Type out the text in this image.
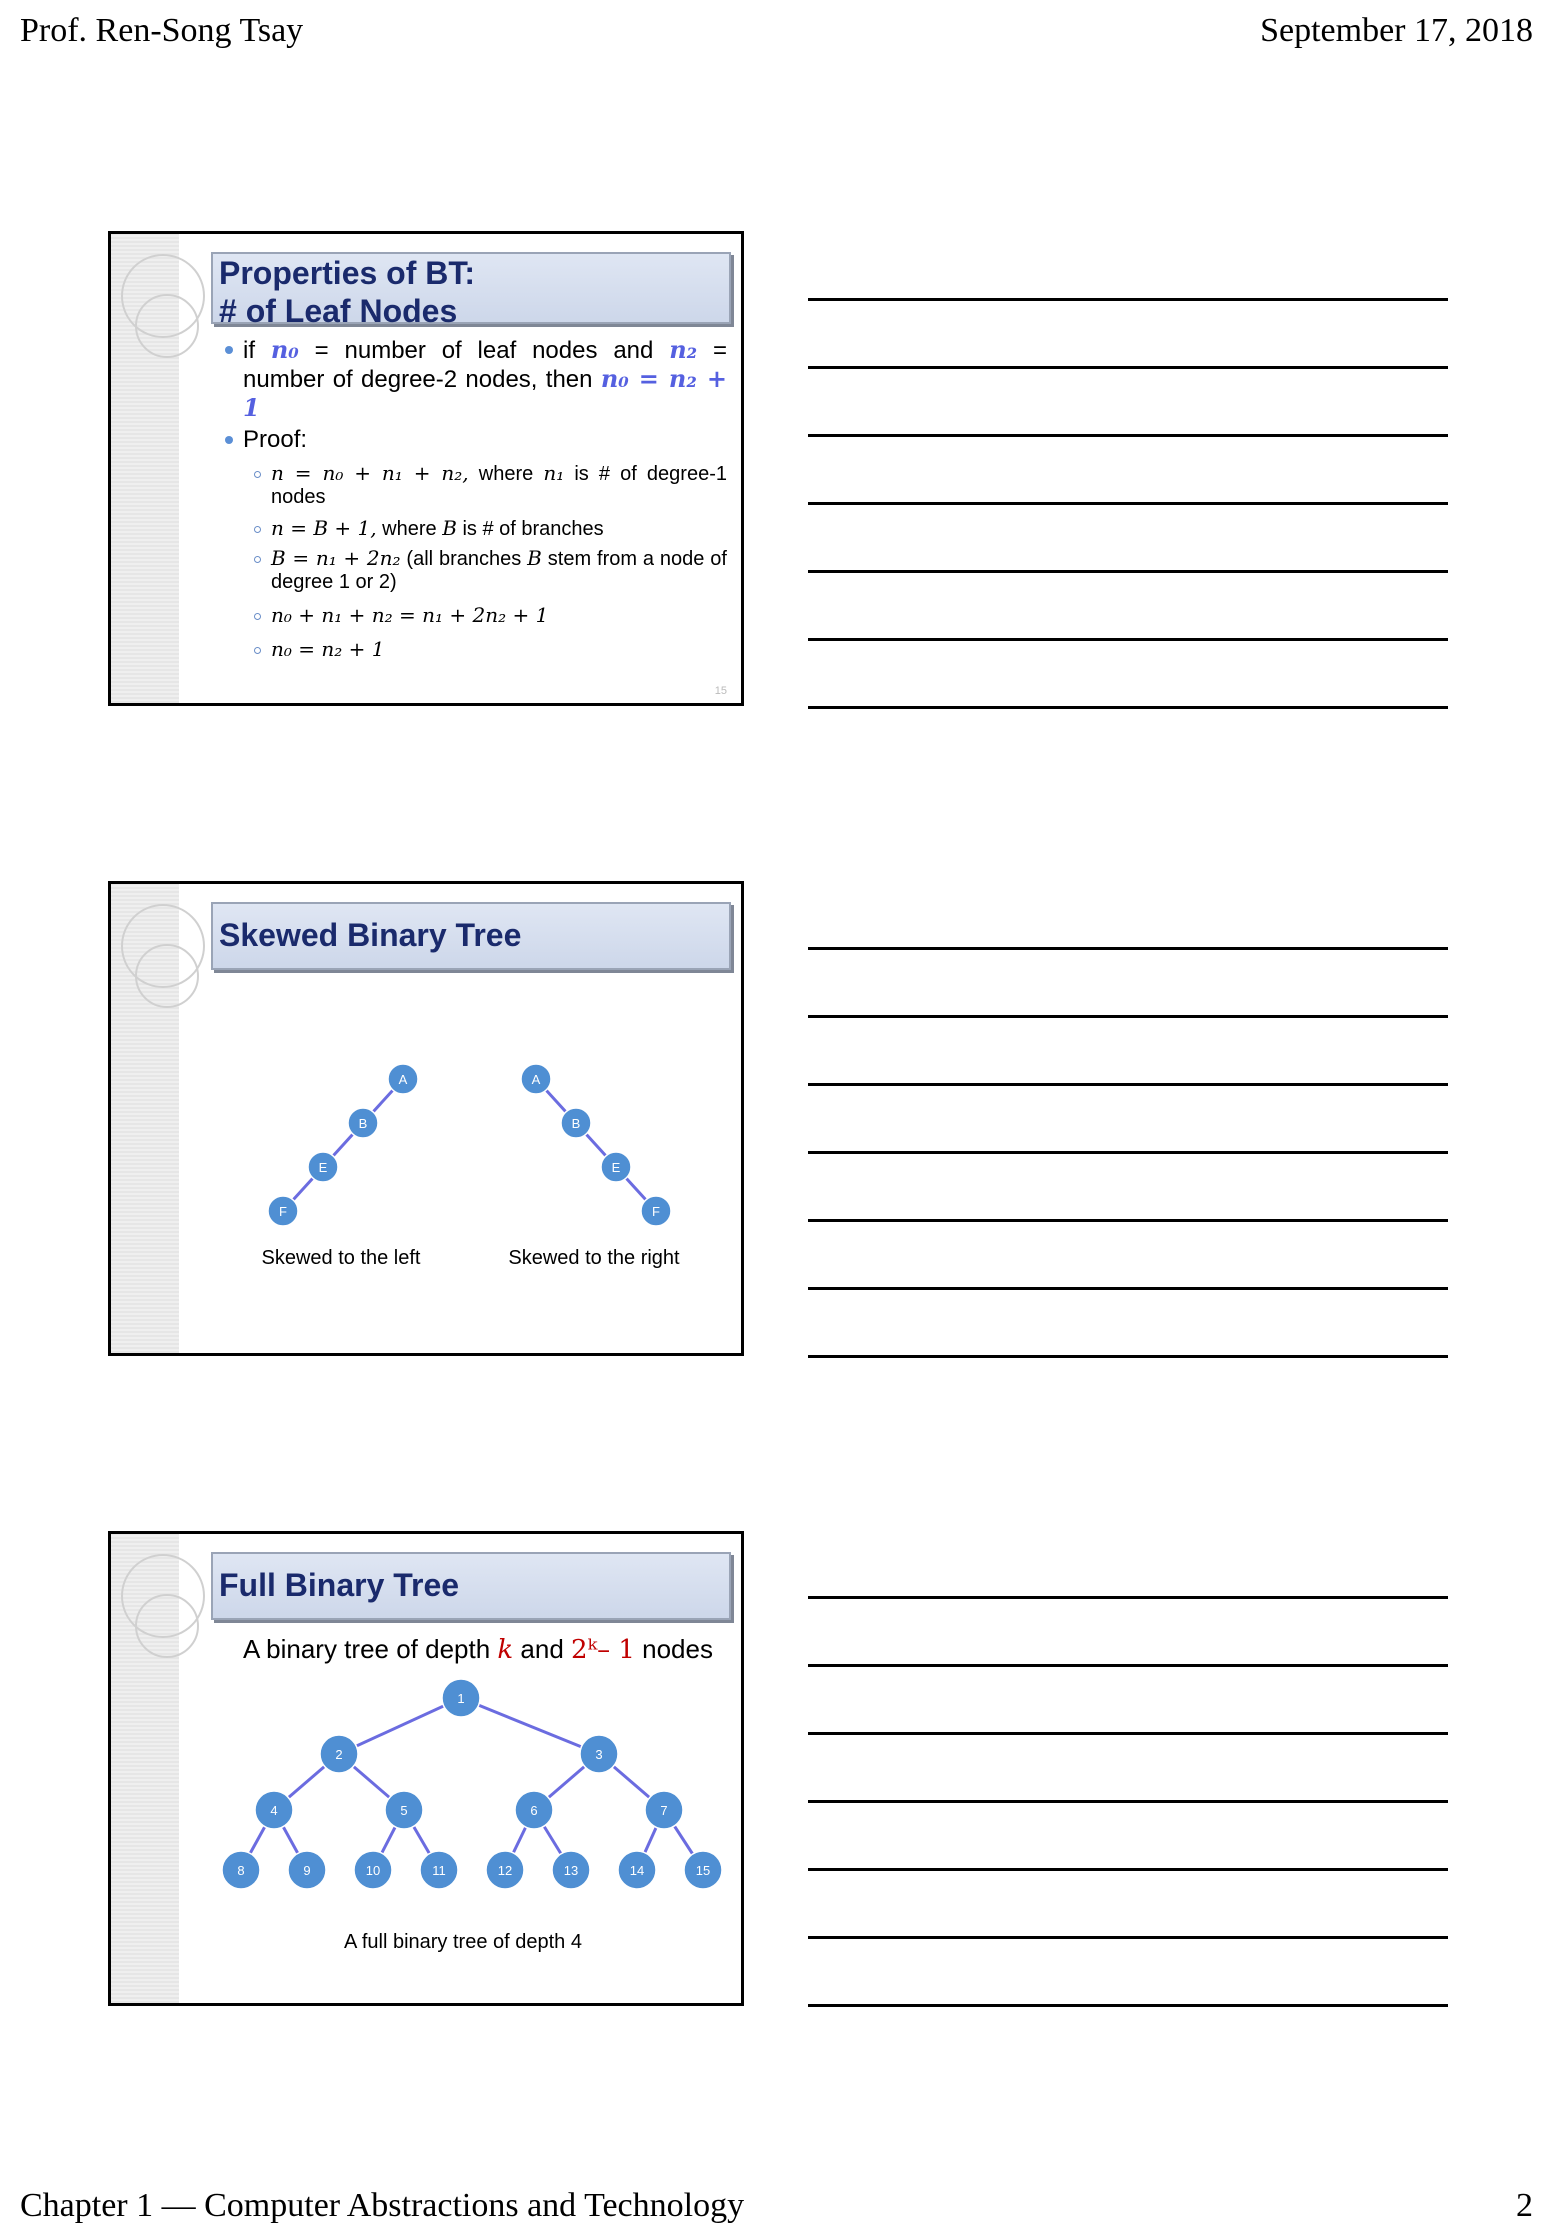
Prof. Ren-Song Tsay	September 17, 2018
Properties of BT:
# of Leaf Nodes
if n₀ = number of leaf nodes and n₂ = number of degree-2 nodes, then n₀ = n₂ + 1
Proof:
n = n₀ + n₁ + n₂, where n₁ is # of degree-1 nodes
n = B + 1, where B is # of branches
B = n₁ + 2n₂ (all branches B stem from a node of degree 1 or 2)
n₀ + n₁ + n₂ = n₁ + 2n₂ + 1
n₀ = n₂ + 1
15
Skewed Binary Tree
A
B
E
F
A
B
E
F
Skewed to the left	Skewed to the right
Full Binary Tree
A binary tree of depth k and 2ᵏ– 1 nodes
1
2	3
4	5	6	7
8	9	10	11	12	13	14	15
A full binary tree of depth 4
Chapter 1 — Computer Abstractions and Technology	2
